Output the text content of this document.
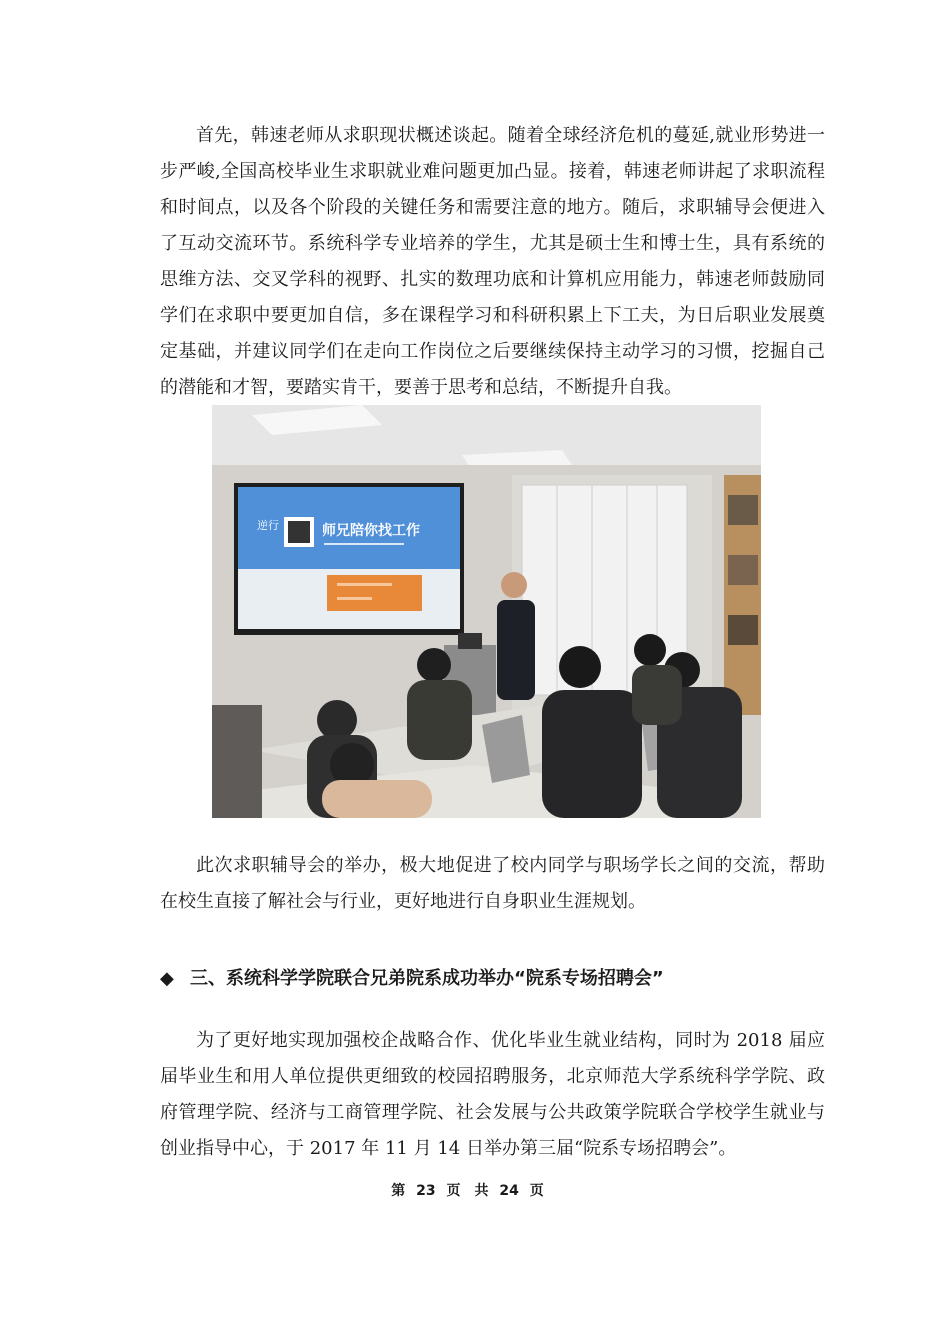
首先，韩速老师从求职现状概述谈起。随着全球经济危机的蔓延,就业形势进一步严峻,全国高校毕业生求职就业难问题更加凸显。接着，韩速老师讲起了求职流程和时间点，以及各个阶段的关键任务和需要注意的地方。随后，求职辅导会便进入了互动交流环节。系统科学专业培养的学生，尤其是硕士生和博士生，具有系统的思维方法、交叉学科的视野、扎实的数理功底和计算机应用能力，韩速老师鼓励同学们在求职中要更加自信，多在课程学习和科研积累上下工夫，为日后职业发展奠定基础，并建议同学们在走向工作岗位之后要继续保持主动学习的习惯，挖掘自己的潜能和才智，要踏实肯干，要善于思考和总结，不断提升自我。

逆行	师兄陪你找工作

此次求职辅导会的举办，极大地促进了校内同学与职场学长之间的交流，帮助在校生直接了解社会与行业，更好地进行自身职业生涯规划。

◆ 三、系统科学学院联合兄弟院系成功举办“院系专场招聘会”

为了更好地实现加强校企战略合作、优化毕业生就业结构，同时为 2018 届应届毕业生和用人单位提供更细致的校园招聘服务，北京师范大学系统科学学院、政府管理学院、经济与工商管理学院、社会发展与公共政策学院联合学校学生就业与创业指导中心，于 2017 年 11 月 14 日举办第三届“院系专场招聘会”。

第 23 页　共 24 页
